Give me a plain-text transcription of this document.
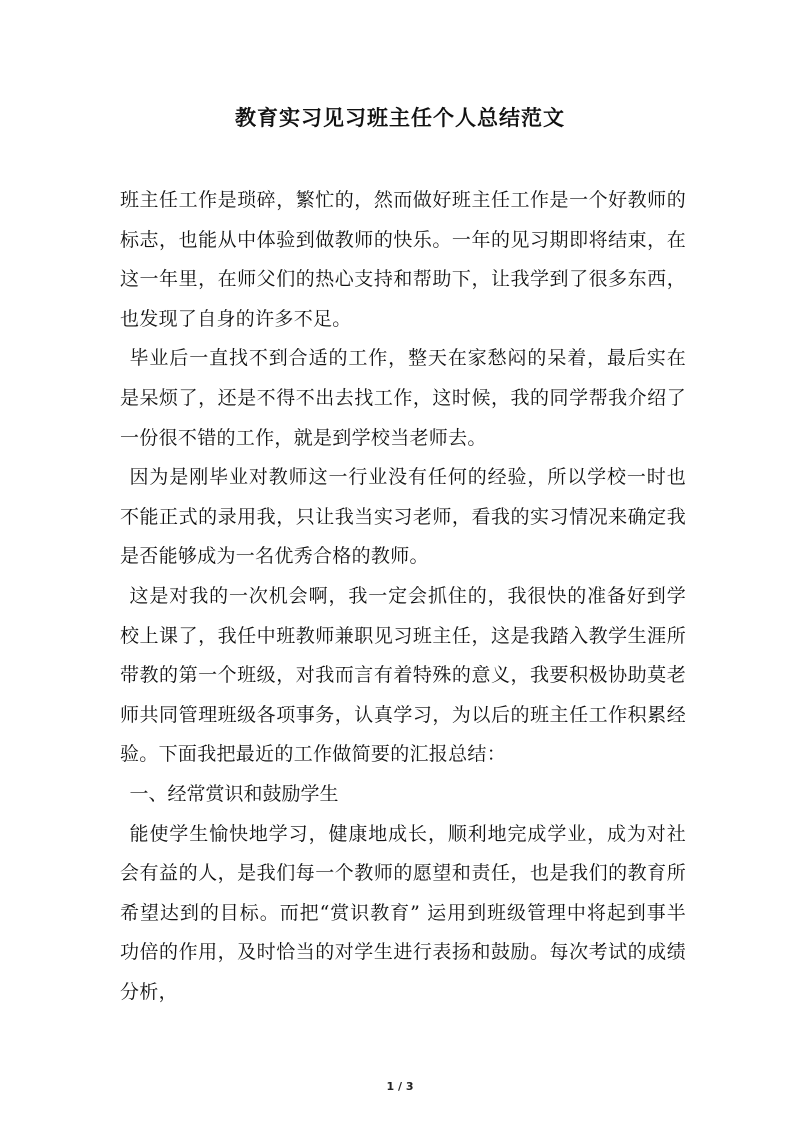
教育实习见习班主任个人总结范文

班主任工作是琐碎，繁忙的，然而做好班主任工作是一个好教师的标志，也能从中体验到做教师的快乐。一年的见习期即将结束，在这一年里，在师父们的热心支持和帮助下，让我学到了很多东西，也发现了自身的许多不足。

毕业后一直找不到合适的工作，整天在家愁闷的呆着，最后实在是呆烦了，还是不得不出去找工作，这时候，我的同学帮我介绍了一份很不错的工作，就是到学校当老师去。

因为是刚毕业对教师这一行业没有任何的经验，所以学校一时也不能正式的录用我，只让我当实习老师，看我的实习情况来确定我是否能够成为一名优秀合格的教师。

这是对我的一次机会啊，我一定会抓住的，我很快的准备好到学校上课了，我任中班教师兼职见习班主任，这是我踏入教学生涯所带教的第一个班级，对我而言有着特殊的意义，我要积极协助莫老师共同管理班级各项事务，认真学习，为以后的班主任工作积累经验。下面我把最近的工作做简要的汇报总结：

一、经常赏识和鼓励学生

能使学生愉快地学习，健康地成长，顺利地完成学业，成为对社会有益的人，是我们每一个教师的愿望和责任，也是我们的教育所希望达到的目标。而把“赏识教育” 运用到班级管理中将起到事半功倍的作用，及时恰当的对学生进行表扬和鼓励。每次考试的成绩分析，

1 / 3
